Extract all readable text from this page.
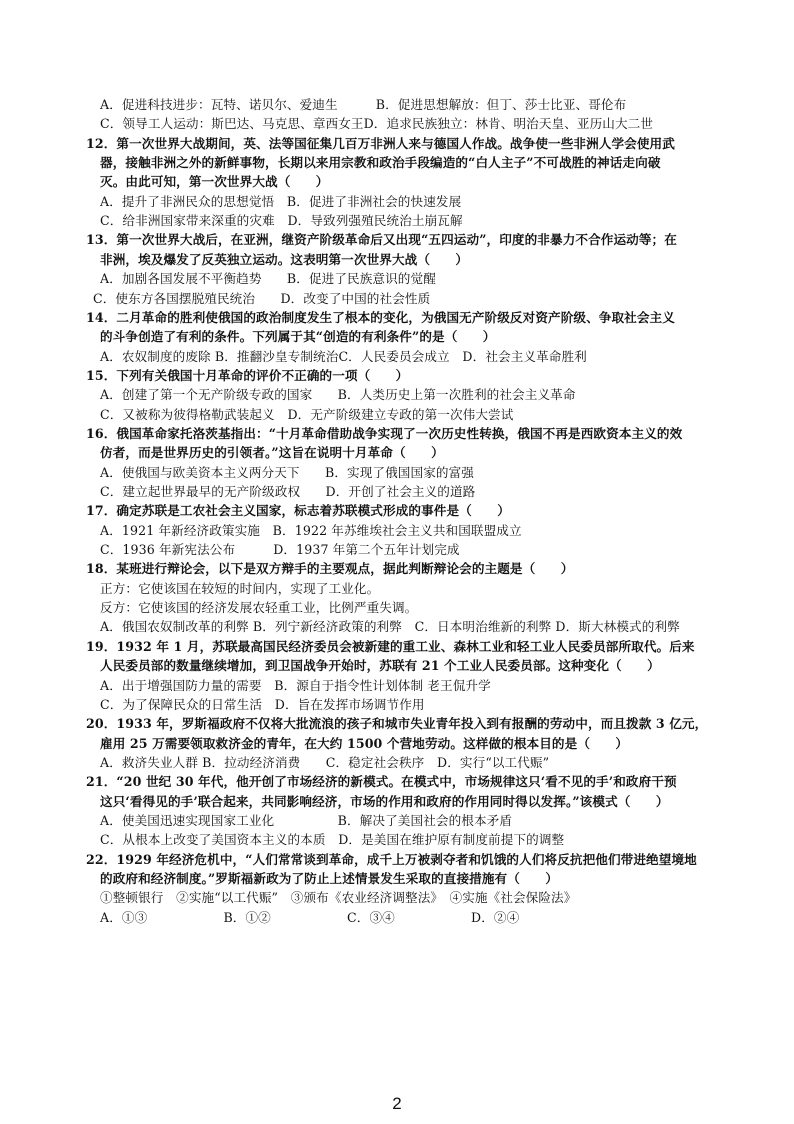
A．促进科技进步：瓦特、诺贝尔、爱迪生　　　B．促进思想解放：但丁、莎士比亚、哥伦布
C．领导工人运动：斯巴达、马克思、章西女王D．追求民族独立：林肯、明治天皇、亚历山大二世
12．第一次世界大战期间，英、法等国征集几百万非洲人来与德国人作战。战争使一些非洲人学会使用武
器，接触非洲之外的新鲜事物，长期以来用宗教和政治手段编造的“白人主子”不可战胜的神话走向破
灭。由此可知，第一次世界大战（　　）
A．提升了非洲民众的思想觉悟　B．促进了非洲社会的快速发展
C．给非洲国家带来深重的灾难　D．导致列强殖民统治土崩瓦解
13．第一次世界大战后，在亚洲，继资产阶级革命后又出现“五四运动”，印度的非暴力不合作运动等；在
非洲，埃及爆发了反英独立运动。这表明第一次世界大战（　　）
A．加剧各国发展不平衡趋势　　B．促进了民族意识的觉醒
C．使东方各国摆脱殖民统治　　D．改变了中国的社会性质
14．二月革命的胜利使俄国的政治制度发生了根本的变化，为俄国无产阶级反对资产阶级、争取社会主义
的斗争创造了有利的条件。下列属于其“创造的有利条件”的是（　　）
A．农奴制度的废除 B．推翻沙皇专制统治C．人民委员会成立　D．社会主义革命胜利
15．下列有关俄国十月革命的评价不正确的一项（　　）
A．创建了第一个无产阶级专政的国家　　B．人类历史上第一次胜利的社会主义革命
C．又被称为彼得格勒武装起义　D．无产阶级建立专政的第一次伟大尝试
16．俄国革命家托洛茨基指出：“十月革命借助战争实现了一次历史性转换，俄国不再是西欧资本主义的效
仿者，而是世界历史的引领者。”这旨在说明十月革命（　　）
A．使俄国与欧美资本主义两分天下　　B．实现了俄国国家的富强
C．建立起世界最早的无产阶级政权　　D．开创了社会主义的道路
17．确定苏联是工农社会主义国家，标志着苏联模式形成的事件是（　　）
A．1921 年新经济政策实施　B．1922 年苏维埃社会主义共和国联盟成立
C．1936 年新宪法公布　　　D．1937 年第二个五年计划完成
18．某班进行辩论会，以下是双方辩手的主要观点，据此判断辩论会的主题是（　　）
正方：它使该国在较短的时间内，实现了工业化。
反方：它使该国的经济发展农轻重工业，比例严重失调。
A．俄国农奴制改革的利弊 B．列宁新经济政策的利弊　C．日本明治维新的利弊 D．斯大林模式的利弊
19．1932 年 1 月，苏联最高国民经济委员会被新建的重工业、森林工业和轻工业人民委员部所取代。后来
人民委员部的数量继续增加，到卫国战争开始时，苏联有 21 个工业人民委员部。这种变化（　　）
A．出于增强国防力量的需要　B．源自于指令性计划体制 老王侃升学
C．为了保障民众的日常生活　D．旨在发挥市场调节作用
20．1933 年，罗斯福政府不仅将大批流浪的孩子和城市失业青年投入到有报酬的劳动中，而且拨款 3 亿元，
雇用 25 万需要领取救济金的青年，在大约 1500 个营地劳动。这样做的根本目的是（　　）
A．救济失业人群 B．拉动经济消费　　C．稳定社会秩序　D．实行“以工代赈”
21．“20 世纪 30 年代，他开创了市场经济的新模式。在模式中，市场规律这只‘看不见的手’和政府干预
这只‘看得见的手’联合起来，共同影响经济，市场的作用和政府的作用同时得以发挥。”该模式（　　）
A．使美国迅速实现国家工业化　　　　　B．解决了美国社会的根本矛盾
C．从根本上改变了美国资本主义的本质　D．是美国在维护原有制度前提下的调整
22．1929 年经济危机中，“人们常常谈到革命，成千上万被剥夺者和饥饿的人们将反抗把他们带进绝望境地
的政府和经济制度。”罗斯福新政为了防止上述情景发生采取的直接措施有（　　）
①整顿银行　②实施“以工代赈”　③颁布《农业经济调整法》　④实施《社会保险法》
A．①③　　　　　　B．①②　　　　　　C．③④　　　　　　D．②④
2
